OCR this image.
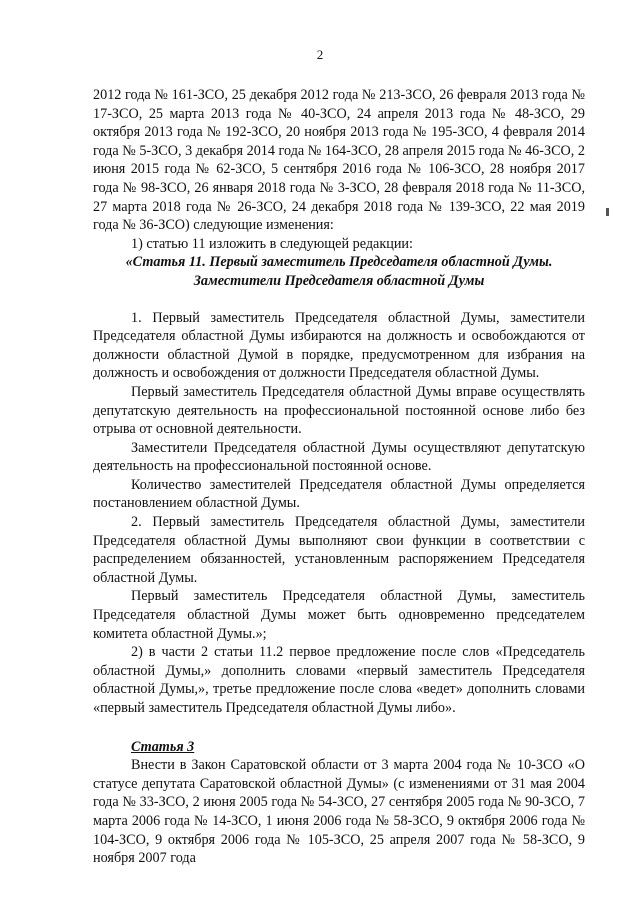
2

2012 года № 161-ЗСО, 25 декабря 2012 года № 213-ЗСО, 26 февраля 2013 года № 17-ЗСО, 25 марта 2013 года № 40-ЗСО, 24 апреля 2013 года № 48-ЗСО, 29 октября 2013 года № 192-ЗСО, 20 ноября 2013 года № 195-ЗСО, 4 февраля 2014 года № 5-ЗСО, 3 декабря 2014 года № 164-ЗСО, 28 апреля 2015 года № 46-ЗСО, 2 июня 2015 года № 62-ЗСО, 5 сентября 2016 года № 106-ЗСО, 28 ноября 2017 года № 98-ЗСО, 26 января 2018 года № 3-ЗСО, 28 февраля 2018 года № 11-ЗСО, 27 марта 2018 года № 26-ЗСО, 24 декабря 2018 года № 139-ЗСО, 22 мая 2019 года № 36-ЗСО) следующие изменения:

1) статью 11 изложить в следующей редакции:

«Статья 11. Первый заместитель Председателя областной Думы.

Заместители Председателя областной Думы

1. Первый заместитель Председателя областной Думы, заместители Председателя областной Думы избираются на должность и освобождаются от должности областной Думой в порядке, предусмотренном для избрания на должность и освобождения от должности Председателя областной Думы.

Первый заместитель Председателя областной Думы вправе осуществлять депутатскую деятельность на профессиональной постоянной основе либо без отрыва от основной деятельности.

Заместители Председателя областной Думы осуществляют депутатскую деятельность на профессиональной постоянной основе.

Количество заместителей Председателя областной Думы определяется постановлением областной Думы.

2. Первый заместитель Председателя областной Думы, заместители Председателя областной Думы выполняют свои функции в соответствии с распределением обязанностей, установленным распоряжением Председателя областной Думы.

Первый заместитель Председателя областной Думы, заместитель Председателя областной Думы может быть одновременно председателем комитета областной Думы.»;

2) в части 2 статьи 11.2 первое предложение после слов «Председатель областной Думы,» дополнить словами «первый заместитель Председателя областной Думы,», третье предложение после слова «ведет» дополнить словами «первый заместитель Председателя областной Думы либо».

Статья 3

Внести в Закон Саратовской области от 3 марта 2004 года № 10-ЗСО «О статусе депутата Саратовской областной Думы» (с изменениями от 31 мая 2004 года № 33-ЗСО, 2 июня 2005 года № 54-ЗСО, 27 сентября 2005 года № 90-ЗСО, 7 марта 2006 года № 14-ЗСО, 1 июня 2006 года № 58-ЗСО, 9 октября 2006 года № 104-ЗСО, 9 октября 2006 года № 105-ЗСО, 25 апреля 2007 года № 58-ЗСО, 9 ноября 2007 года
